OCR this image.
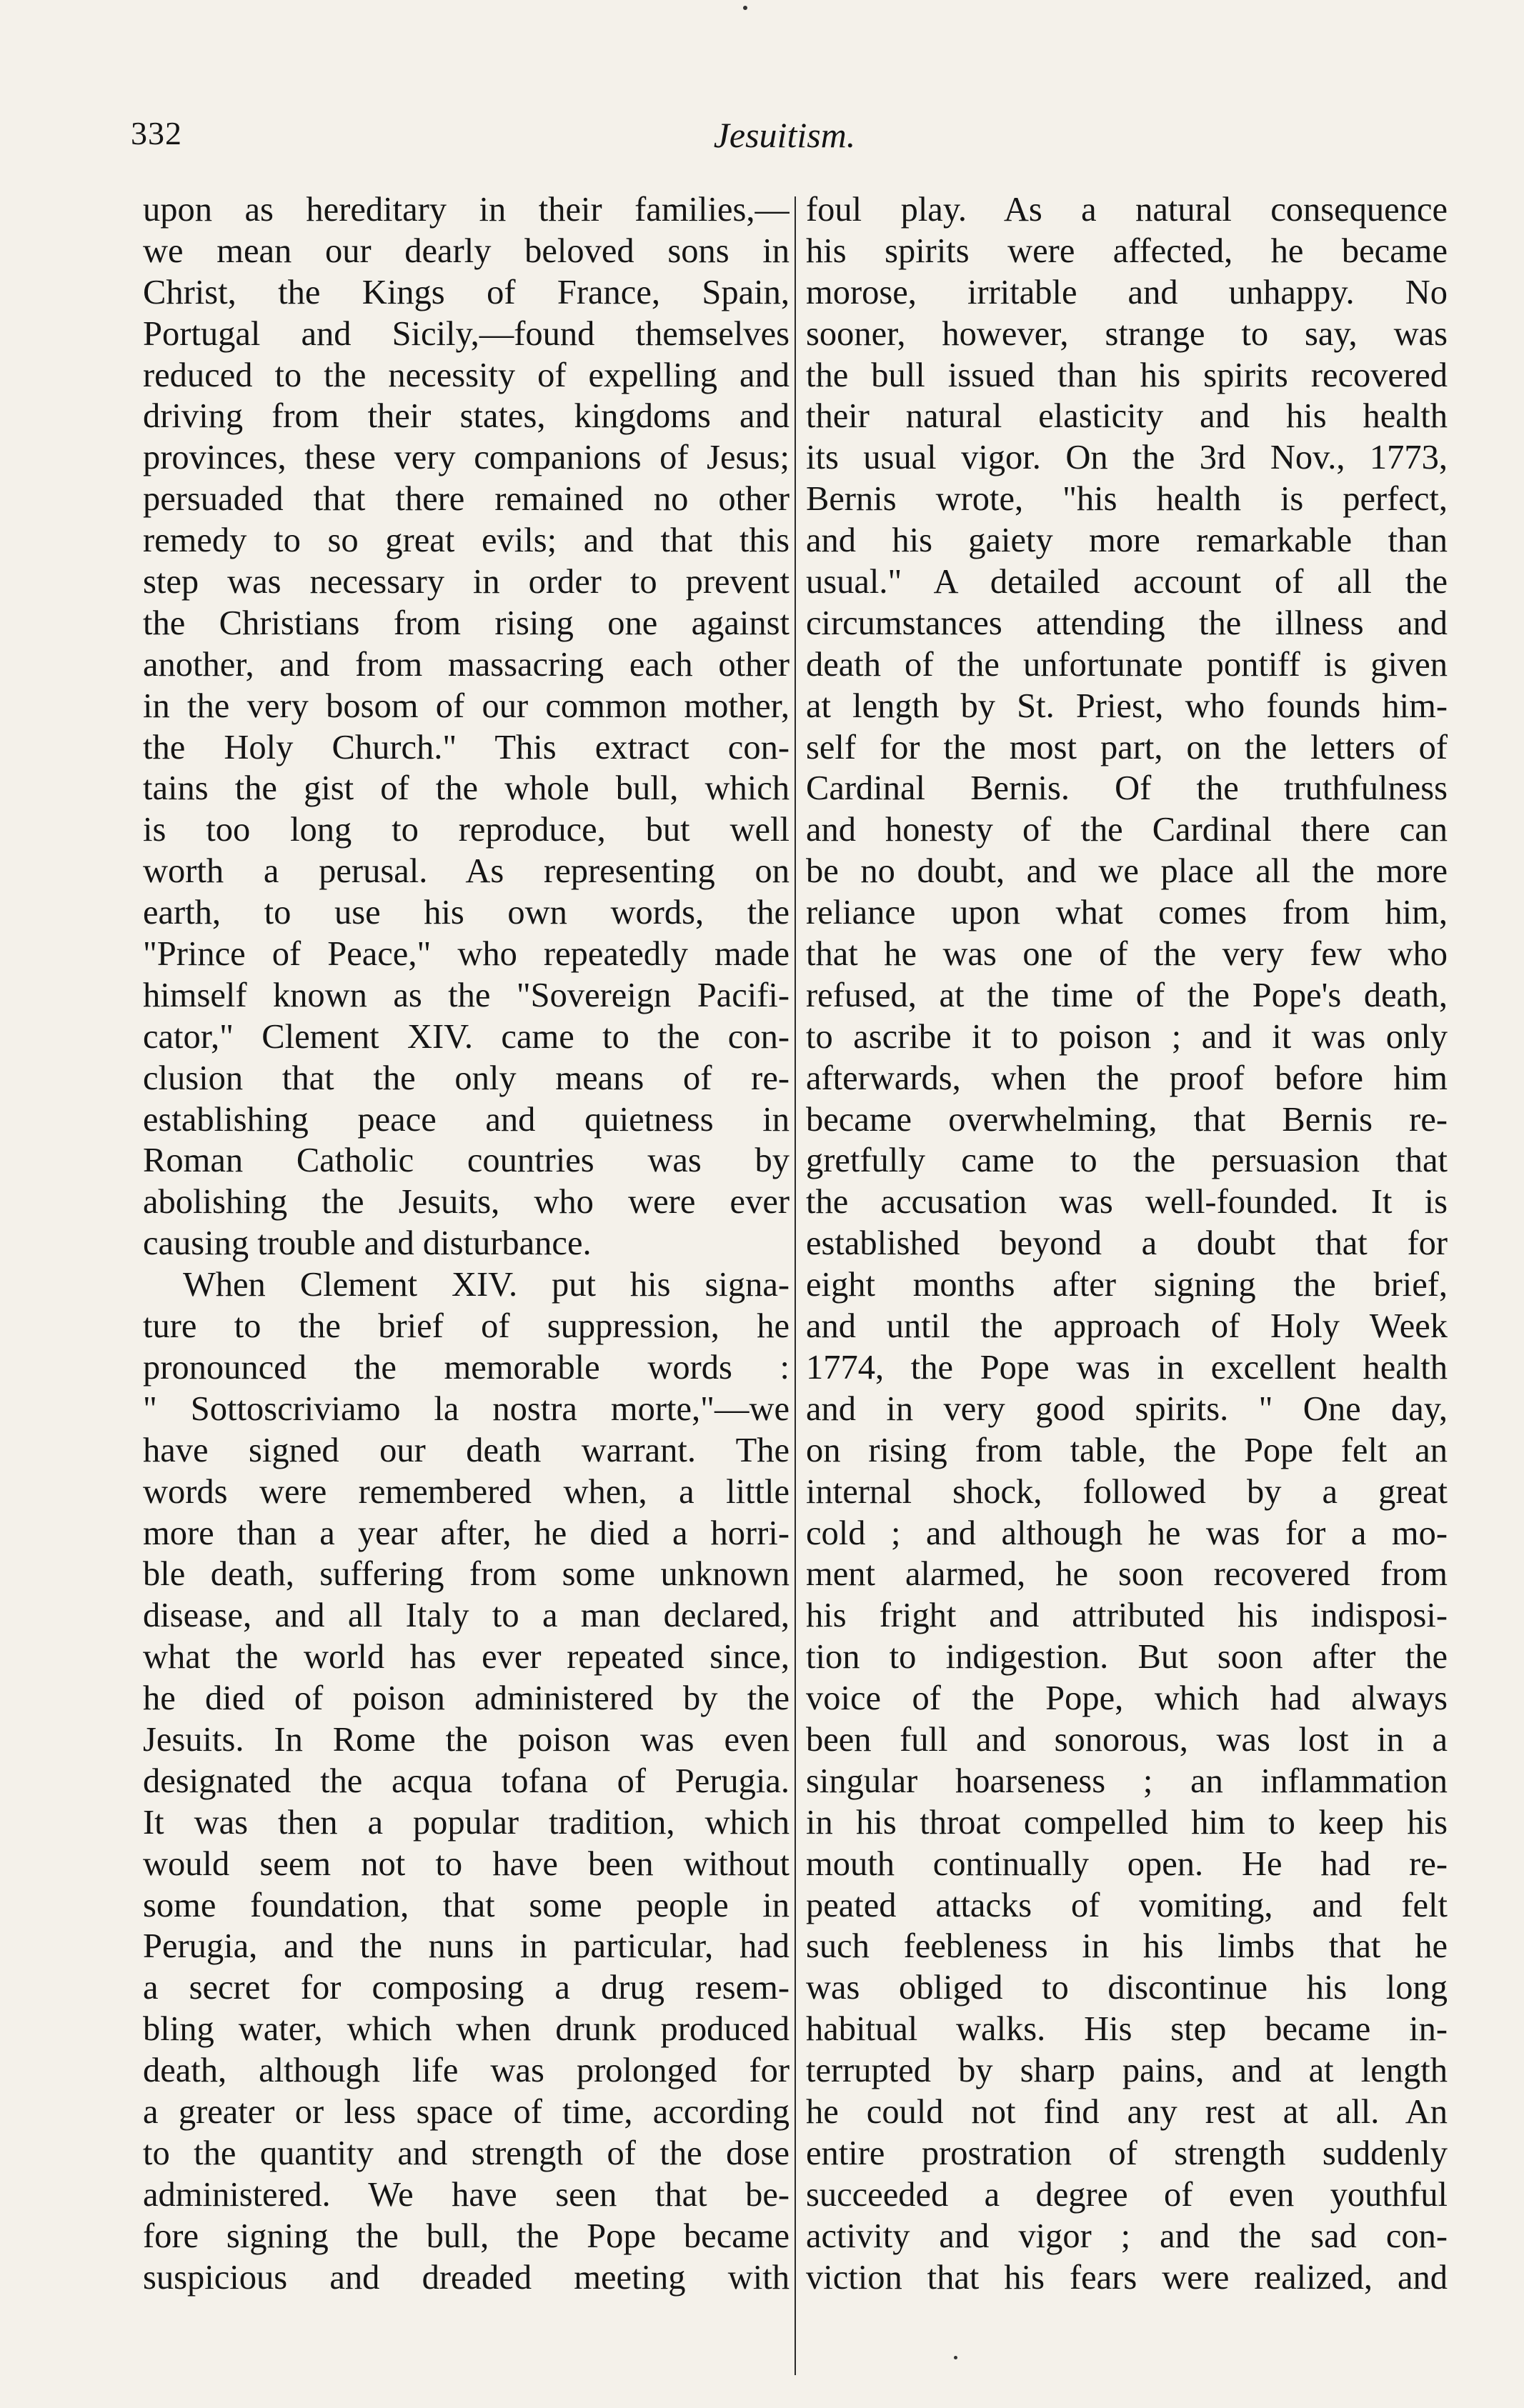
332	Jesuitism.
upon as hereditary in their families,—
we mean our dearly beloved sons in
Christ, the Kings of France, Spain,
Portugal and Sicily,—found themselves
reduced to the necessity of expelling and
driving from their states, kingdoms and
provinces, these very companions of Jesus;
persuaded that there remained no other
remedy to so great evils; and that this
step was necessary in order to prevent
the Christians from rising one against
another, and from massacring each other
in the very bosom of our common mother,
the Holy Church." This extract con-
tains the gist of the whole bull, which
is too long to reproduce, but well
worth a perusal. As representing on
earth, to use his own words, the
"Prince of Peace," who repeatedly made
himself known as the "Sovereign Pacifi-
cator," Clement XIV. came to the con-
clusion that the only means of re-
establishing peace and quietness in
Roman Catholic countries was by
abolishing the Jesuits, who were ever
causing trouble and disturbance.
When Clement XIV. put his signa-
ture to the brief of suppression, he
pronounced the memorable words :
" Sottoscriviamo la nostra morte,"—we
have signed our death warrant. The
words were remembered when, a little
more than a year after, he died a horri-
ble death, suffering from some unknown
disease, and all Italy to a man declared,
what the world has ever repeated since,
he died of poison administered by the
Jesuits. In Rome the poison was even
designated the acqua tofana of Perugia.
It was then a popular tradition, which
would seem not to have been without
some foundation, that some people in
Perugia, and the nuns in particular, had
a secret for composing a drug resem-
bling water, which when drunk produced
death, although life was prolonged for
a greater or less space of time, according
to the quantity and strength of the dose
administered. We have seen that be-
fore signing the bull, the Pope became
suspicious and dreaded meeting with
foul play. As a natural consequence
his spirits were affected, he became
morose, irritable and unhappy. No
sooner, however, strange to say, was
the bull issued than his spirits recovered
their natural elasticity and his health
its usual vigor. On the 3rd Nov., 1773,
Bernis wrote, "his health is perfect,
and his gaiety more remarkable than
usual." A detailed account of all the
circumstances attending the illness and
death of the unfortunate pontiff is given
at length by St. Priest, who founds him-
self for the most part, on the letters of
Cardinal Bernis. Of the truthfulness
and honesty of the Cardinal there can
be no doubt, and we place all the more
reliance upon what comes from him,
that he was one of the very few who
refused, at the time of the Pope's death,
to ascribe it to poison ; and it was only
afterwards, when the proof before him
became overwhelming, that Bernis re-
gretfully came to the persuasion that
the accusation was well-founded. It is
established beyond a doubt that for
eight months after signing the brief,
and until the approach of Holy Week
1774, the Pope was in excellent health
and in very good spirits. " One day,
on rising from table, the Pope felt an
internal shock, followed by a great
cold ; and although he was for a mo-
ment alarmed, he soon recovered from
his fright and attributed his indisposi-
tion to indigestion. But soon after the
voice of the Pope, which had always
been full and sonorous, was lost in a
singular hoarseness ; an inflammation
in his throat compelled him to keep his
mouth continually open. He had re-
peated attacks of vomiting, and felt
such feebleness in his limbs that he
was obliged to discontinue his long
habitual walks. His step became in-
terrupted by sharp pains, and at length
he could not find any rest at all. An
entire prostration of strength suddenly
succeeded a degree of even youthful
activity and vigor ; and the sad con-
viction that his fears were realized, and
